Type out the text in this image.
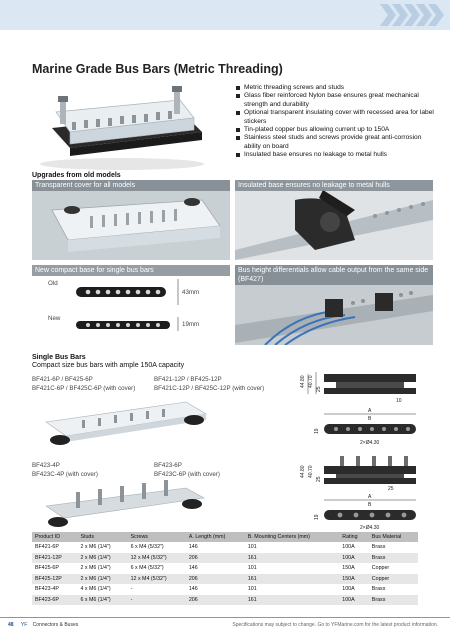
Marine Grade Bus Bars (Metric Threading)
Metric threading screws and studs
Glass fiber reinforced Nylon base ensures great mechanical strength and durability
Optional transparent insulating cover with recessed area for label stickers
Tin-plated copper bus allowing current up to 150A
Stainless steel studs and screws provide great anti-corrosion ability on board
Insulated base ensures no leakage to metal hulls
Upgrades from old models
Transparent cover for all models	Insulated base ensures no leakage to metal hulls
New compact base for single bus bars
Old
New
43mm
19mm
Bus height differentials allow cable output from the same side (BF427)
Single Bus Bars
Compact size bus bars with ample 150A capacity
BF421-6P / BF425-6P
BF421C-6P / BF425C-6P (with cover)
BF421-12P / BF425-12P
BF421C-12P / BF425C-12P (with cover)
44.80 40.70
25
10
A
B
19
2×Ø4.30
BF423-4P
BF423C-4P (with cover)
BF423-6P
BF423C-6P (with cover)	44.80 40.70
25
25
A
B
19
2×Ø4.30
Product ID	Studs	Screws	A. Length (mm)	B. Mounting Centers (mm)	Rating	Bus Material
BF421-6P	2 x M6 (1/4")	6 x M4 (5/32")	146	101	100A	Brass
BF421-12P	2 x M6 (1/4")	12 x M4 (5/32")	206	161	100A	Brass
BF425-6P	2 x M6 (1/4")	6 x M4 (5/32")	146	101	150A	Copper
BF425-12P	2 x M6 (1/4")	12 x M4 (5/32")	206	161	150A	Copper
BF423-4P	4 x M6 (1/4")	-	146	101	100A	Brass
BF423-6P	6 x M6 (1/4")	-	206	161	100A	Brass
48 YF Connectors & Buses	Specifications may subject to change. Go to YFMarine.com for the latest product information.
